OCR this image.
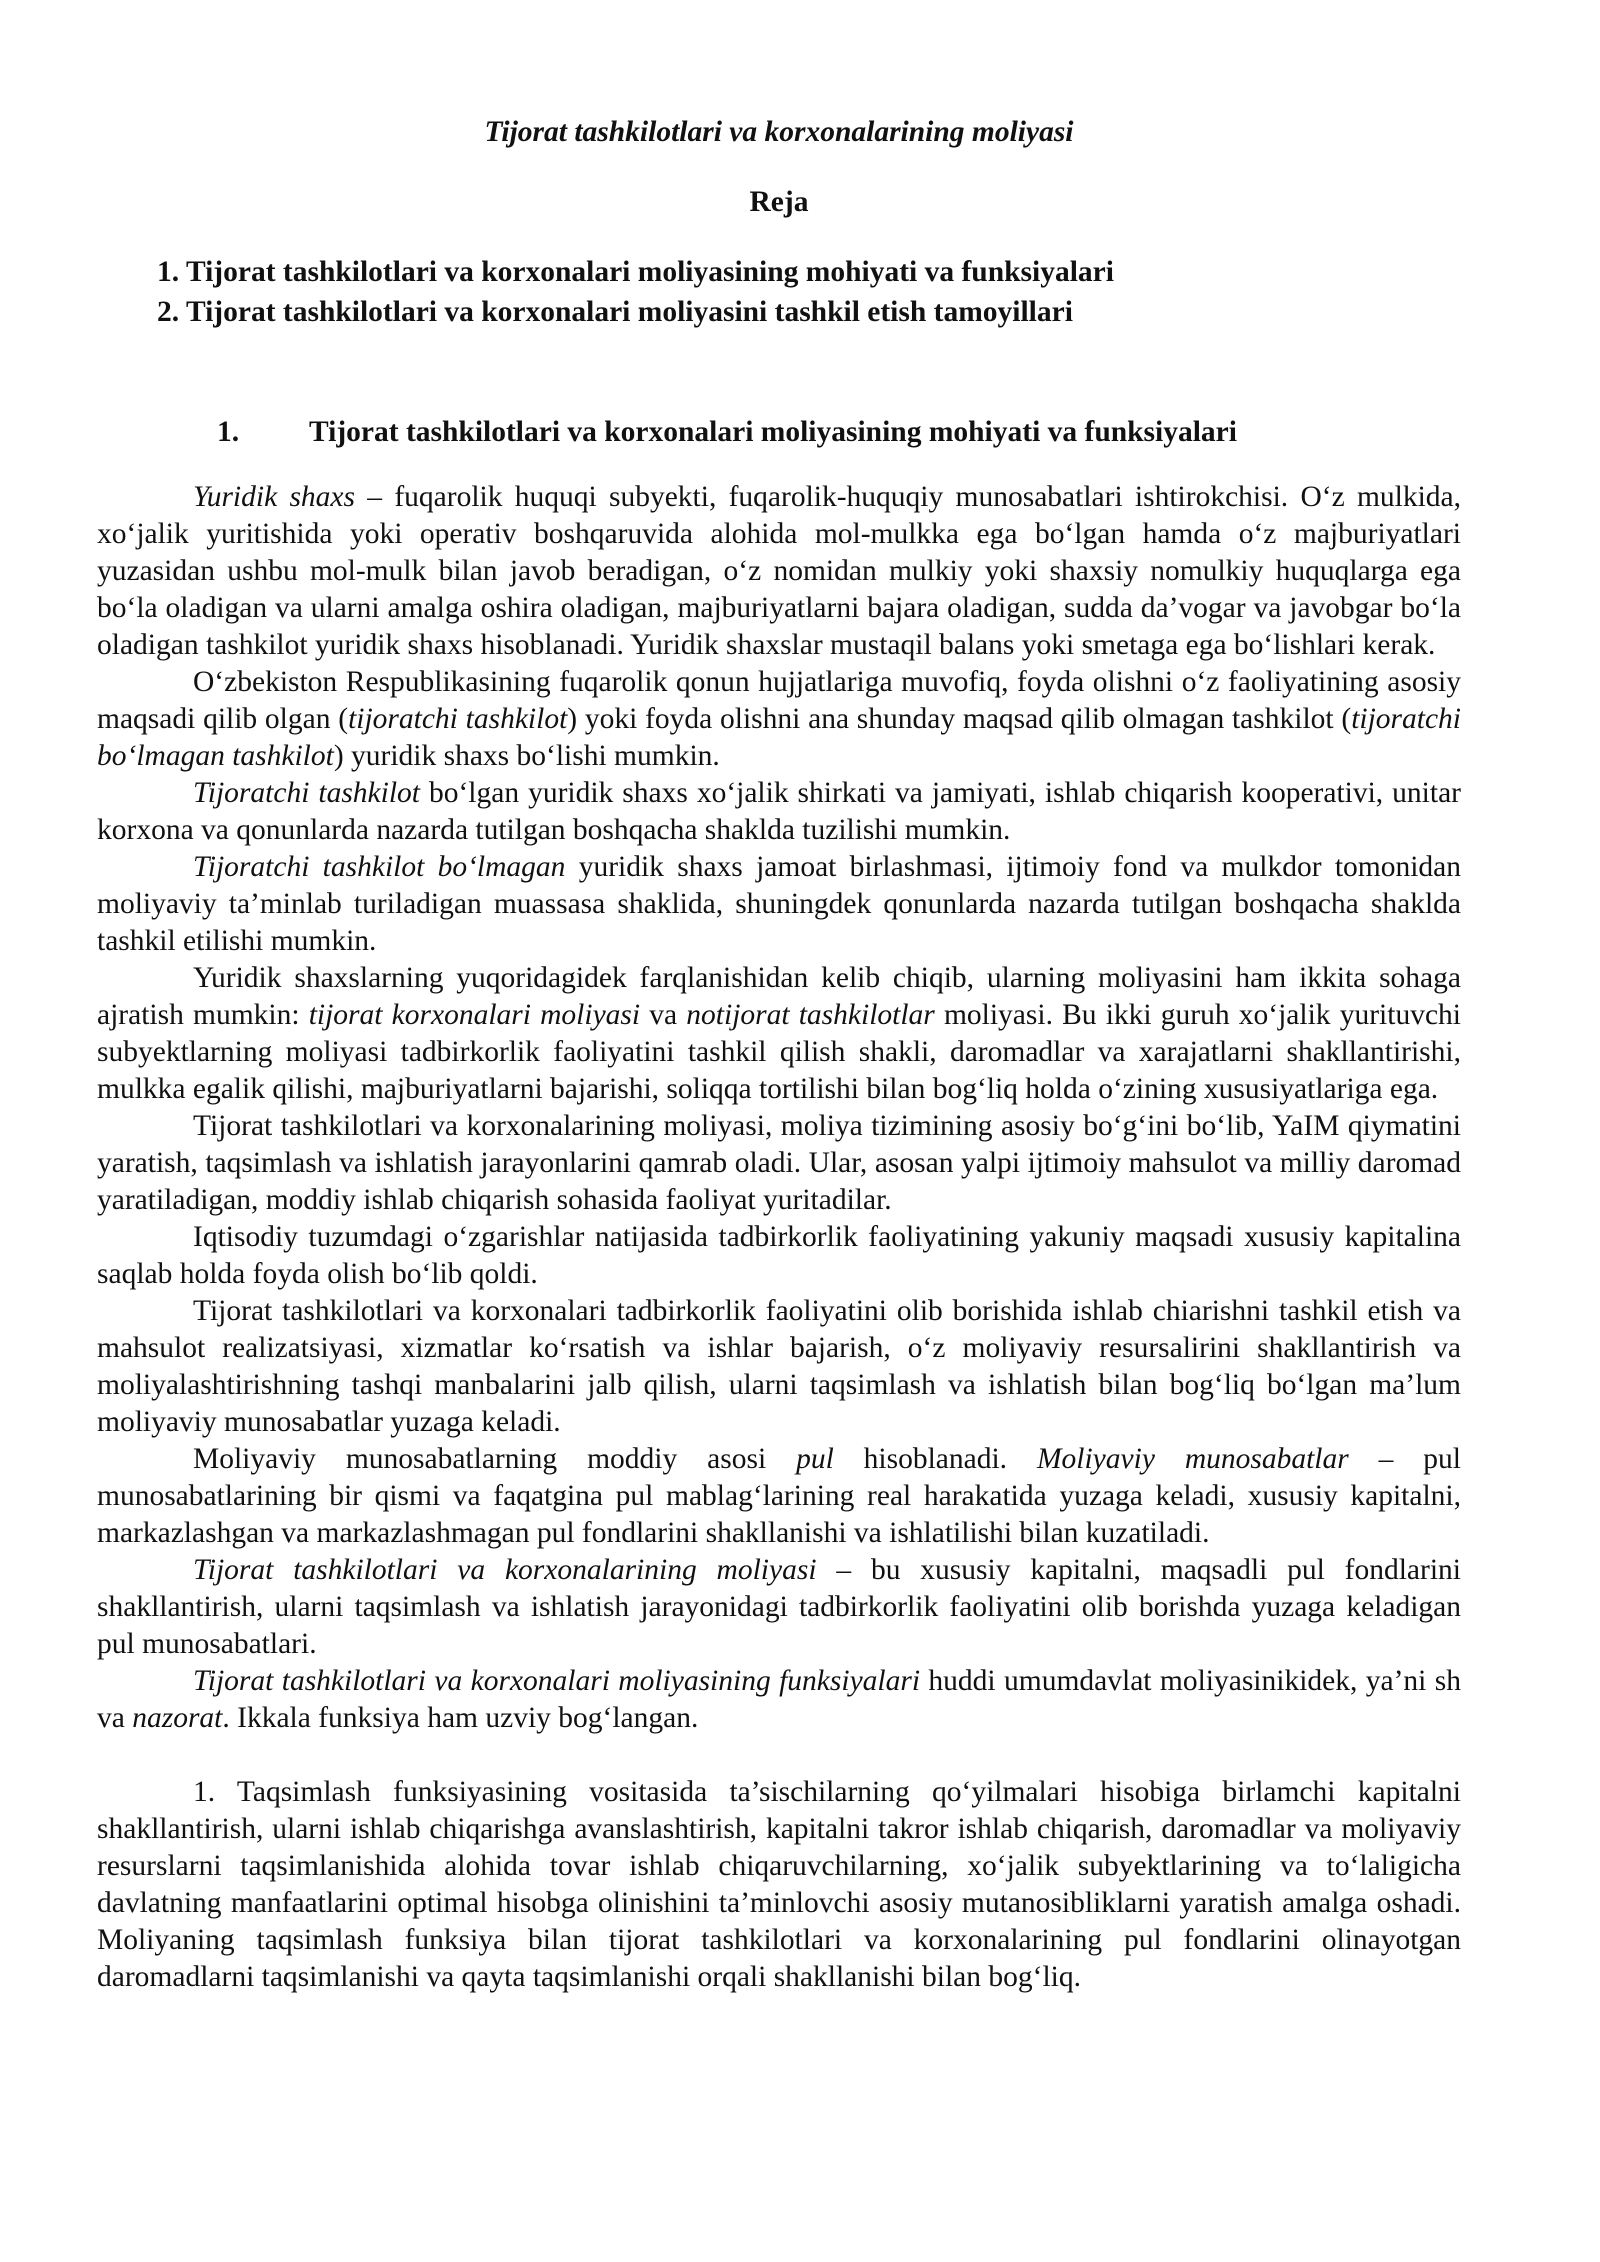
Tijorat tashkilotlari va korxonalarining moliyasi

Reja

1. Tijorat tashkilotlari va korxonalari moliyasining mohiyati va funksiyalari
2. Tijorat tashkilotlari va korxonalari moliyasini tashkil etish tamoyillari
1.	Tijorat tashkilotlari va korxonalari moliyasining mohiyati va funksiyalari

Yuridik shaxs – fuqarolik huquqi subyekti, fuqarolik-huquqiy munosabatlari ishtirokchisi. O‘z mulkida, xo‘jalik yuritishida yoki operativ boshqaruvida alohida mol-mulkka ega bo‘lgan hamda o‘z majburiyatlari yuzasidan ushbu mol-mulk bilan javob beradigan, o‘z nomidan mulkiy yoki shaxsiy nomulkiy huquqlarga ega bo‘la oladigan va ularni amalga oshira oladigan, majburiyatlarni bajara oladigan, sudda da’vogar va javobgar bo‘la oladigan tashkilot yuridik shaxs hisoblanadi. Yuridik shaxslar mustaqil balans yoki smetaga ega bo‘lishlari kerak.

O‘zbekiston Respublikasining fuqarolik qonun hujjatlariga muvofiq, foyda olishni o‘z faoliyatining asosiy maqsadi qilib olgan (tijoratchi tashkilot) yoki foyda olishni ana shunday maqsad qilib olmagan tashkilot (tijoratchi bo‘lmagan tashkilot) yuridik shaxs bo‘lishi mumkin.

Tijoratchi tashkilot bo‘lgan yuridik shaxs xo‘jalik shirkati va jamiyati, ishlab chiqarish kooperativi, unitar korxona va qonunlarda nazarda tutilgan boshqacha shaklda tuzilishi mumkin.

Tijoratchi tashkilot bo‘lmagan yuridik shaxs jamoat birlashmasi, ijtimoiy fond va mulkdor tomonidan moliyaviy ta’minlab turiladigan muassasa shaklida, shuningdek qonunlarda nazarda tutilgan boshqacha shaklda tashkil etilishi mumkin.

Yuridik shaxslarning yuqoridagidek farqlanishidan kelib chiqib, ularning moliyasini ham ikkita sohaga ajratish mumkin: tijorat korxonalari moliyasi va notijorat tashkilotlar moliyasi. Bu ikki guruh xo‘jalik yurituvchi subyektlarning moliyasi tadbirkorlik faoliyatini tashkil qilish shakli, daromadlar va xarajatlarni shakllantirishi, mulkka egalik qilishi, majburiyatlarni bajarishi, soliqqa tortilishi bilan bog‘liq holda o‘zining xususiyatlariga ega.

Tijorat tashkilotlari va korxonalarining moliyasi, moliya tizimining asosiy bo‘g‘ini bo‘lib, YaIM qiymatini yaratish, taqsimlash va ishlatish jarayonlarini qamrab oladi. Ular, asosan yalpi ijtimoiy mahsulot va milliy daromad yaratiladigan, moddiy ishlab chiqarish sohasida faoliyat yuritadilar.

Iqtisodiy tuzumdagi o‘zgarishlar natijasida tadbirkorlik faoliyatining yakuniy maqsadi xususiy kapitalina saqlab holda foyda olish bo‘lib qoldi.

Tijorat tashkilotlari va korxonalari tadbirkorlik faoliyatini olib borishida ishlab chiarishni tashkil etish va mahsulot realizatsiyasi, xizmatlar ko‘rsatish va ishlar bajarish, o‘z moliyaviy resursalirini shakllantirish va moliyalashtirishning tashqi manbalarini jalb qilish, ularni taqsimlash va ishlatish bilan bog‘liq bo‘lgan ma’lum moliyaviy munosabatlar yuzaga keladi.

Moliyaviy munosabatlarning moddiy asosi pul hisoblanadi. Moliyaviy munosabatlar – pul munosabatlarining bir qismi va faqatgina pul mablag‘larining real harakatida yuzaga keladi, xususiy kapitalni, markazlashgan va markazlashmagan pul fondlarini shakllanishi va ishlatilishi bilan kuzatiladi.

Tijorat tashkilotlari va korxonalarining moliyasi – bu xususiy kapitalni, maqsadli pul fondlarini shakllantirish, ularni taqsimlash va ishlatish jarayonidagi tadbirkorlik faoliyatini olib borishda yuzaga keladigan pul munosabatlari.

Tijorat tashkilotlari va korxonalari moliyasining funksiyalari huddi umumdavlat moliyasinikidek, ya’ni sh va nazorat. Ikkala funksiya ham uzviy bog‘langan.

1. Taqsimlash funksiyasining vositasida ta’sischilarning qo‘yilmalari hisobiga birlamchi kapitalni shakllantirish, ularni ishlab chiqarishga avanslashtirish, kapitalni takror ishlab chiqarish, daromadlar va moliyaviy resurslarni taqsimlanishida alohida tovar ishlab chiqaruvchilarning, xo‘jalik subyektlarining va to‘laligicha davlatning manfaatlarini optimal hisobga olinishini ta’minlovchi asosiy mutanosibliklarni yaratish amalga oshadi. Moliyaning taqsimlash funksiya bilan tijorat tashkilotlari va korxonalarining pul fondlarini olinayotgan daromadlarni taqsimlanishi va qayta taqsimlanishi orqali shakllanishi bilan bog‘liq.
